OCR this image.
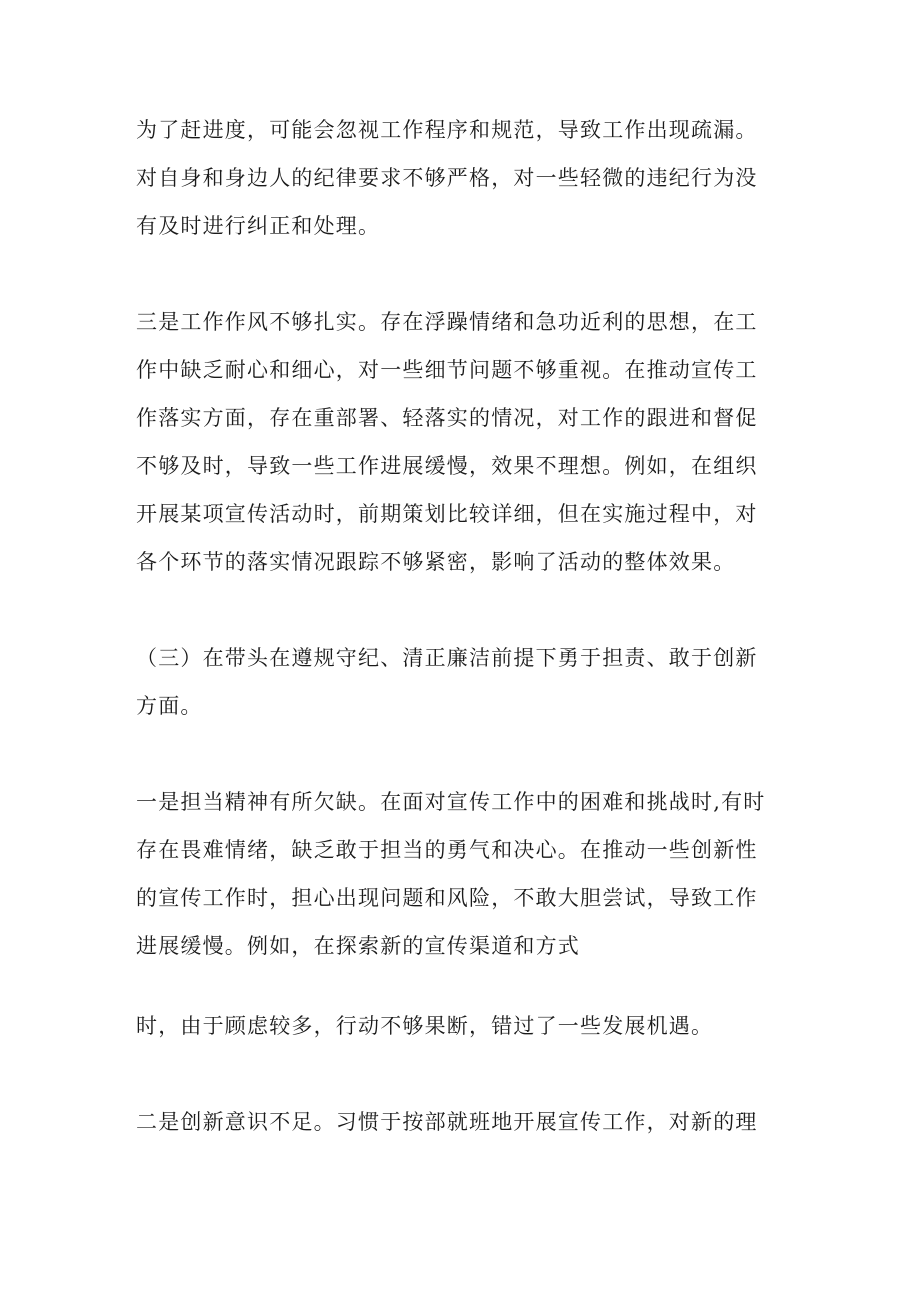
为了赶进度，可能会忽视工作程序和规范，导致工作出现疏漏。
对自身和身边人的纪律要求不够严格，对一些轻微的违纪行为没
有及时进行纠正和处理。
三是工作作风不够扎实。存在浮躁情绪和急功近利的思想，在工
作中缺乏耐心和细心，对一些细节问题不够重视。在推动宣传工
作落实方面，存在重部署、轻落实的情况，对工作的跟进和督促
不够及时，导致一些工作进展缓慢，效果不理想。例如，在组织
开展某项宣传活动时，前期策划比较详细，但在实施过程中，对
各个环节的落实情况跟踪不够紧密，影响了活动的整体效果。
（三）在带头在遵规守纪、清正廉洁前提下勇于担责、敢于创新
方面。
一是担当精神有所欠缺。在面对宣传工作中的困难和挑战时,有时
存在畏难情绪，缺乏敢于担当的勇气和决心。在推动一些创新性
的宣传工作时，担心出现问题和风险，不敢大胆尝试，导致工作
进展缓慢。例如，在探索新的宣传渠道和方式
时，由于顾虑较多，行动不够果断，错过了一些发展机遇。
二是创新意识不足。习惯于按部就班地开展宣传工作，对新的理
